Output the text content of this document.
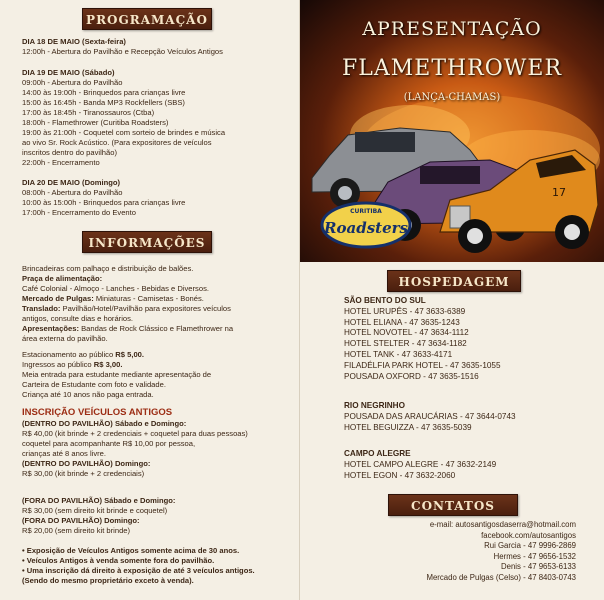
PROGRAMAÇÃO
DIA 18 DE MAIO (Sexta-feira)
12:00h - Abertura do Pavilhão e Recepção Veículos Antigos
DIA 19 DE MAIO (Sábado)
09:00h - Abertura do Pavilhão
14:00 às 19:00h - Brinquedos para crianças livre
15:00 às 16:45h - Banda MP3 Rockfellers (SBS)
17:00 às 18:45h - Tiranossauros (Ctba)
18:00h - Flamethrower (Curitiba Roadsters)
19:00 às 21:00h - Coquetel com sorteio de brindes e música
ao vivo Sr. Rock Acústico. (Para expositores de veículos
inscritos dentro do pavilhão)
22:00h - Encerramento
DIA 20 DE MAIO (Domingo)
08:00h - Abertura do Pavilhão
10:00 às 15:00h - Brinquedos para crianças livre
17:00h - Encerramento do Evento
INFORMAÇÕES
Brincadeiras com palhaço e distribuição de balões.
Praça de alimentação:
Café Colonial - Almoço - Lanches - Bebidas e Diversos.
Mercado de Pulgas: Miniaturas - Camisetas - Bonés.
Translado: Pavilhão/Hotel/Pavilhão para expositores veículos
antigos, consulte dias e horários.
Apresentações: Bandas de Rock Clássico e Flamethrower na
área externa do pavilhão.
Estacionamento ao público R$ 5,00.
Ingressos ao público R$ 3,00.
Meia entrada para estudante mediante apresentação de
Carteira de Estudante com foto e validade.
Criança até 10 anos não paga entrada.
INSCRIÇÃO VEÍCULOS ANTIGOS
(DENTRO DO PAVILHÃO) Sábado e Domingo:
R$ 40,00 (kit brinde + 2 credenciais + coquetel para duas pessoas)
coquetel para acompanhante R$ 10,00 por pessoa,
crianças até 8 anos livre.
(DENTRO DO PAVILHÃO) Domingo:
R$ 30,00 (kit brinde + 2 credenciais)
(FORA DO PAVILHÃO) Sábado e Domingo:
R$ 30,00 (sem direito kit brinde e coquetel)
(FORA DO PAVILHÃO) Domingo:
R$ 20,00 (sem direito kit brinde)
• Exposição de Veículos Antigos somente acima de 30 anos.
• Veículos Antigos à venda somente fora do pavilhão.
• Uma inscrição dá direito à exposição de até 3 veículos antigos.
(Sendo do mesmo proprietário exceto à venda).
17
CURITIBA
Roadsters
APRESENTAÇÃO
FLAMETHROWER
(LANÇA-CHAMAS)
HOSPEDAGEM
SÃO BENTO DO SUL
HOTEL URUPÊS - 47 3633-6389
HOTEL ELIANA - 47 3635-1243
HOTEL NOVOTEL - 47 3634-1112
HOTEL STELTER - 47 3634-1182
HOTEL TANK - 47 3633-4171
FILADÉLFIA PARK HOTEL - 47 3635-1055
POUSADA OXFORD - 47 3635-1516
RIO NEGRINHO
POUSADA DAS ARAUCÁRIAS - 47 3644-0743
HOTEL BEGUIZZA - 47 3635-5039
CAMPO ALEGRE
HOTEL CAMPO ALEGRE - 47 3632-2149
HOTEL EGON - 47 3632-2060
CONTATOS
e-mail: autosantigosdaserra@hotmail.com
facebook.com/autosantigos
Rui Garcia - 47 9996-2869
Hermes - 47 9656-1532
Denis - 47 9653-6133
Mercado de Pulgas (Celso) - 47 8403-0743
